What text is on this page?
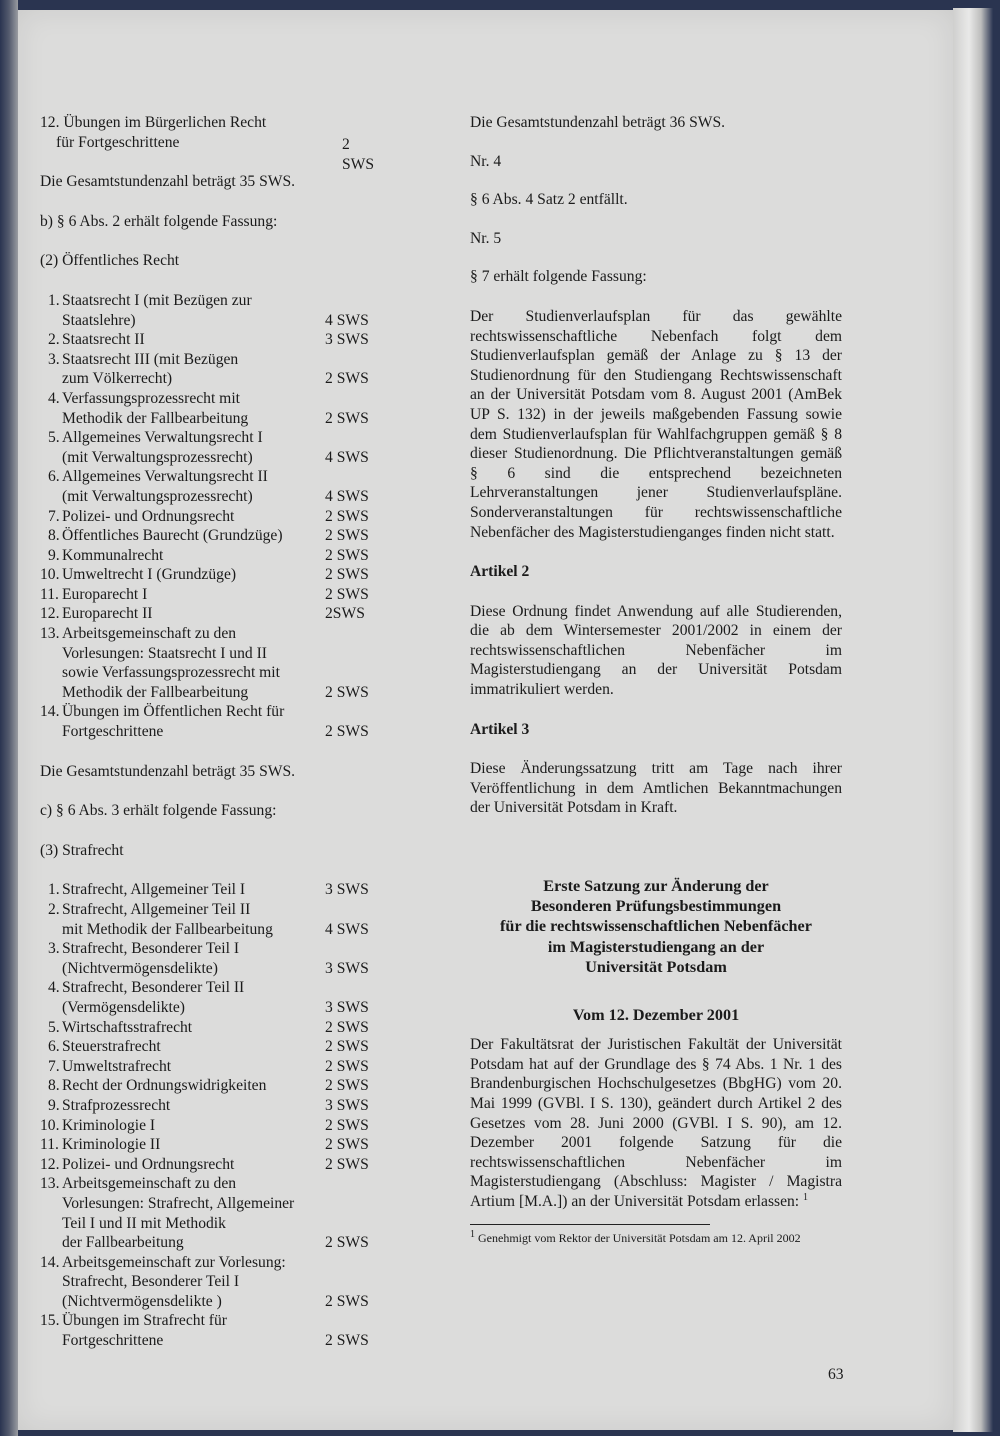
12. Übungen im Bürgerlichen Recht
für Fortgeschrittene	2 SWS

Die Gesamtstundenzahl beträgt 35 SWS.

b) § 6 Abs. 2 erhält folgende Fassung:

(2) Öffentliches Recht

1. Staatsrecht I (mit Bezügen zur
Staatslehre)	4 SWS
2. Staatsrecht II	3 SWS
3. Staatsrecht III (mit Bezügen
zum Völkerrecht)	2 SWS
4. Verfassungsprozessrecht mit
Methodik der Fallbearbeitung	2 SWS
5. Allgemeines Verwaltungsrecht I
(mit Verwaltungsprozessrecht)	4 SWS
6. Allgemeines Verwaltungsrecht II
(mit Verwaltungsprozessrecht)	4 SWS
7. Polizei- und Ordnungsrecht	2 SWS
8. Öffentliches Baurecht (Grundzüge)	2 SWS
9. Kommunalrecht	2 SWS
10. Umweltrecht I (Grundzüge)	2 SWS
11. Europarecht I	2 SWS
12. Europarecht II	2SWS
13. Arbeitsgemeinschaft zu den
Vorlesungen: Staatsrecht I und II
sowie Verfassungsprozessrecht mit
Methodik der Fallbearbeitung	2 SWS
14. Übungen im Öffentlichen Recht für
Fortgeschrittene	2 SWS

Die Gesamtstundenzahl beträgt 35 SWS.

c) § 6 Abs. 3 erhält folgende Fassung:

(3) Strafrecht

1. Strafrecht, Allgemeiner Teil I	3 SWS
2. Strafrecht, Allgemeiner Teil II
mit Methodik der Fallbearbeitung	4 SWS
3. Strafrecht, Besonderer Teil I
(Nichtvermögensdelikte)	3 SWS
4. Strafrecht, Besonderer Teil II
(Vermögensdelikte)	3 SWS
5. Wirtschaftsstrafrecht	2 SWS
6. Steuerstrafrecht	2 SWS
7. Umweltstrafrecht	2 SWS
8. Recht der Ordnungswidrigkeiten	2 SWS
9. Strafprozessrecht	3 SWS
10. Kriminologie I	2 SWS
11. Kriminologie II	2 SWS
12. Polizei- und Ordnungsrecht	2 SWS
13. Arbeitsgemeinschaft zu den
Vorlesungen: Strafrecht, Allgemeiner
Teil I und II mit Methodik
der Fallbearbeitung	2 SWS
14. Arbeitsgemeinschaft zur Vorlesung:
Strafrecht, Besonderer Teil I
(Nichtvermögensdelikte )	2 SWS
15. Übungen im Strafrecht für
Fortgeschrittene	2 SWS

Die Gesamtstundenzahl beträgt 36 SWS.

Nr. 4

§ 6 Abs. 4 Satz 2 entfällt.

Nr. 5

§ 7 erhält folgende Fassung:

Der Studienverlaufsplan für das gewählte rechtswissenschaftliche Nebenfach folgt dem Studienverlaufsplan gemäß der Anlage zu § 13 der Studienordnung für den Studiengang Rechtswissenschaft an der Universität Potsdam vom 8. August 2001 (AmBek UP S. 132) in der jeweils maßgebenden Fassung sowie dem Studienverlaufsplan für Wahlfachgruppen gemäß § 8 dieser Studienordnung. Die Pflichtveranstaltungen gemäß § 6 sind die entsprechend bezeichneten Lehrveranstaltungen jener Studienverlaufspläne. Sonderveranstaltungen für rechtswissenschaftliche Nebenfächer des Magisterstudienganges finden nicht statt.

Artikel 2

Diese Ordnung findet Anwendung auf alle Studierenden, die ab dem Wintersemester 2001/2002 in einem der rechtswissenschaftlichen Nebenfächer im Magisterstudiengang an der Universität Potsdam immatrikuliert werden.

Artikel 3

Diese Änderungssatzung tritt am Tage nach ihrer Veröffentlichung in dem Amtlichen Bekanntmachungen der Universität Potsdam in Kraft.

Erste Satzung zur Änderung der
Besonderen Prüfungsbestimmungen
für die rechtswissenschaftlichen Nebenfächer
im Magisterstudiengang an der
Universität Potsdam
Vom 12. Dezember 2001

Der Fakultätsrat der Juristischen Fakultät der Universität Potsdam hat auf der Grundlage des § 74 Abs. 1 Nr. 1 des Brandenburgischen Hochschulgesetzes (BbgHG) vom 20. Mai 1999 (GVBl. I S. 130), geändert durch Artikel 2 des Gesetzes vom 28. Juni 2000 (GVBl. I S. 90), am 12. Dezember 2001 folgende Satzung für die rechtswissenschaftlichen Nebenfächer im Magisterstudiengang (Abschluss: Magister / Magistra Artium [M.A.]) an der Universität Potsdam erlassen: $^1$

$^1$ Genehmigt vom Rektor der Universität Potsdam am 12. April 2002

63
